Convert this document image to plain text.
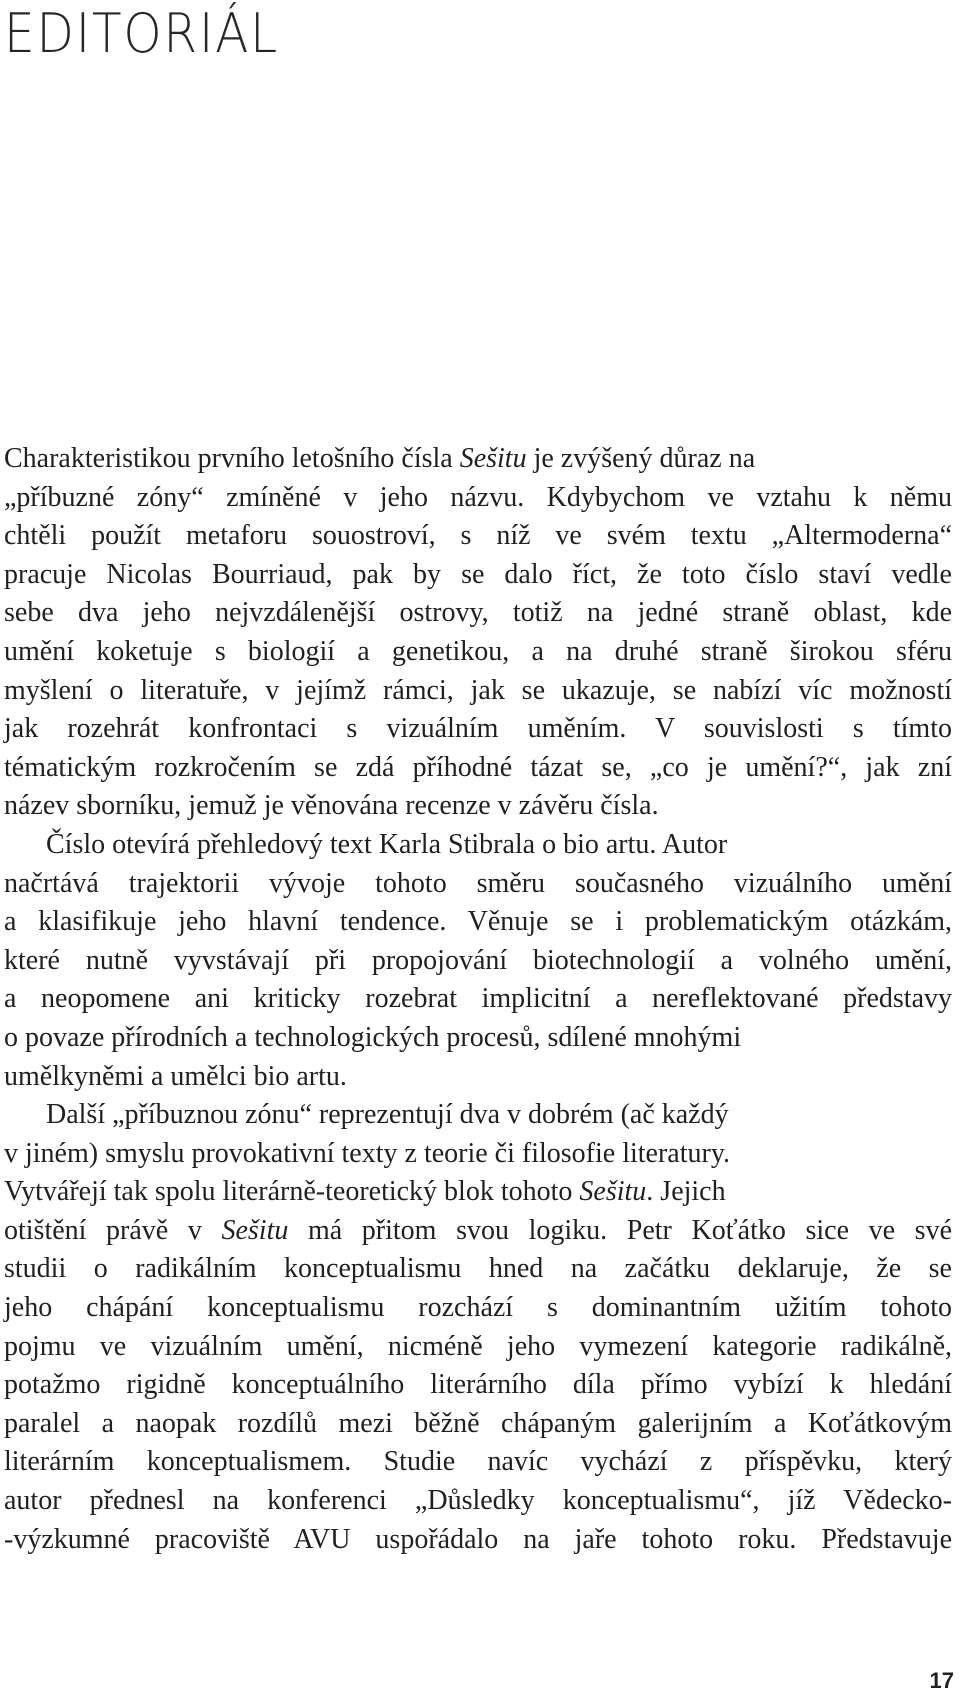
EDITORIÁL

Charakteristikou prvního letošního čísla Sešitu je zvýšený důraz na
„příbuzné zóny“ zmíněné v jeho názvu. Kdybychom ve vztahu k němu
chtěli použít metaforu souostroví, s níž ve svém textu „Altermoderna“
pracuje Nicolas Bourriaud, pak by se dalo říct, že toto číslo staví vedle
sebe dva jeho nejvzdálenější ostrovy, totiž na jedné straně oblast, kde
umění koketuje s biologií a genetikou, a na druhé straně širokou sféru
myšlení o literatuře, v jejímž rámci, jak se ukazuje, se nabízí víc možností
jak rozehrát konfrontaci s vizuálním uměním. V souvislosti s tímto
tématickým rozkročením se zdá příhodné tázat se, „co je umění?“, jak zní
název sborníku, jemuž je věnována recenze v závěru čísla.

Číslo otevírá přehledový text Karla Stibrala o bio artu. Autor
načrtává trajektorii vývoje tohoto směru současného vizuálního umění
a klasifikuje jeho hlavní tendence. Věnuje se i problematickým otázkám,
které nutně vyvstávají při propojování biotechnologií a volného umění,
a neopomene ani kriticky rozebrat implicitní a nereflektované představy
o povaze přírodních a technologických procesů, sdílené mnohými
umělkyněmi a umělci bio artu.

Další „příbuznou zónu“ reprezentují dva v dobrém (ač každý
v jiném) smyslu provokativní texty z teorie či filosofie literatury.
Vytvářejí tak spolu literárně-teoretický blok tohoto Sešitu. Jejich
otištění právě v Sešitu má přitom svou logiku. Petr Koťátko sice ve své
studii o radikálním konceptualismu hned na začátku deklaruje, že se
jeho chápání konceptualismu rozchází s dominantním užitím tohoto
pojmu ve vizuálním umění, nicméně jeho vymezení kategorie radikálně,
potažmo rigidně konceptuálního literárního díla přímo vybízí k hledání
paralel a naopak rozdílů mezi běžně chápaným galerijním a Koťátkovým
literárním konceptualismem. Studie navíc vychází z příspěvku, který
autor přednesl na konferenci „Důsledky konceptualismu“, jíž Vědecko-
-výzkumné pracoviště AVU uspořádalo na jaře tohoto roku. Představuje

17
